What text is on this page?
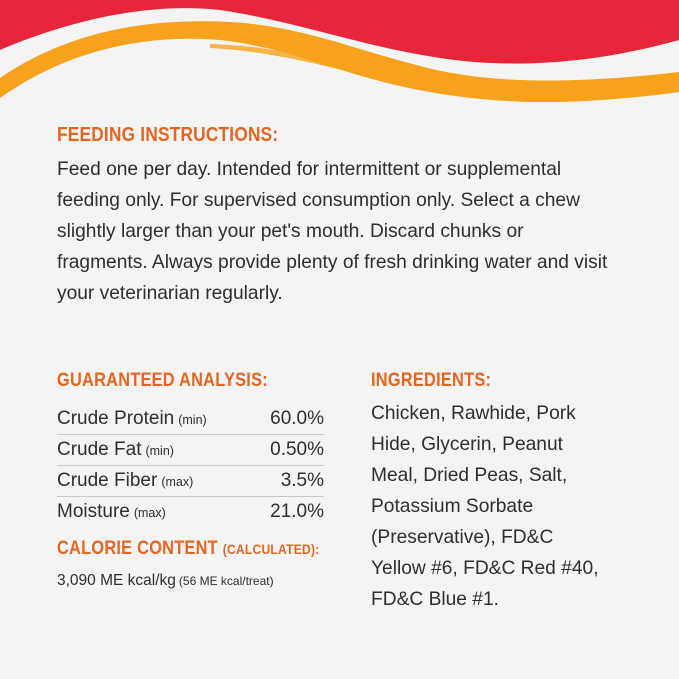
FEEDING INSTRUCTIONS:
Feed one per day. Intended for intermittent or supplemental feeding only. For supervised consumption only. Select a chew slightly larger than your pet's mouth. Discard chunks or fragments. Always provide plenty of fresh drinking water and visit your veterinarian regularly.
GUARANTEED ANALYSIS:
Crude Protein (min)	60.0%
Crude Fat (min)	0.50%
Crude Fiber (max)	3.5%
Moisture (max)	21.0%
CALORIE CONTENT (CALCULATED):
3,090 ME kcal/kg (56 ME kcal/treat)
INGREDIENTS:
Chicken, Rawhide, Pork Hide, Glycerin, Peanut Meal, Dried Peas, Salt, Potassium Sorbate (Preservative), FD&C Yellow #6, FD&C Red #40, FD&C Blue #1.
